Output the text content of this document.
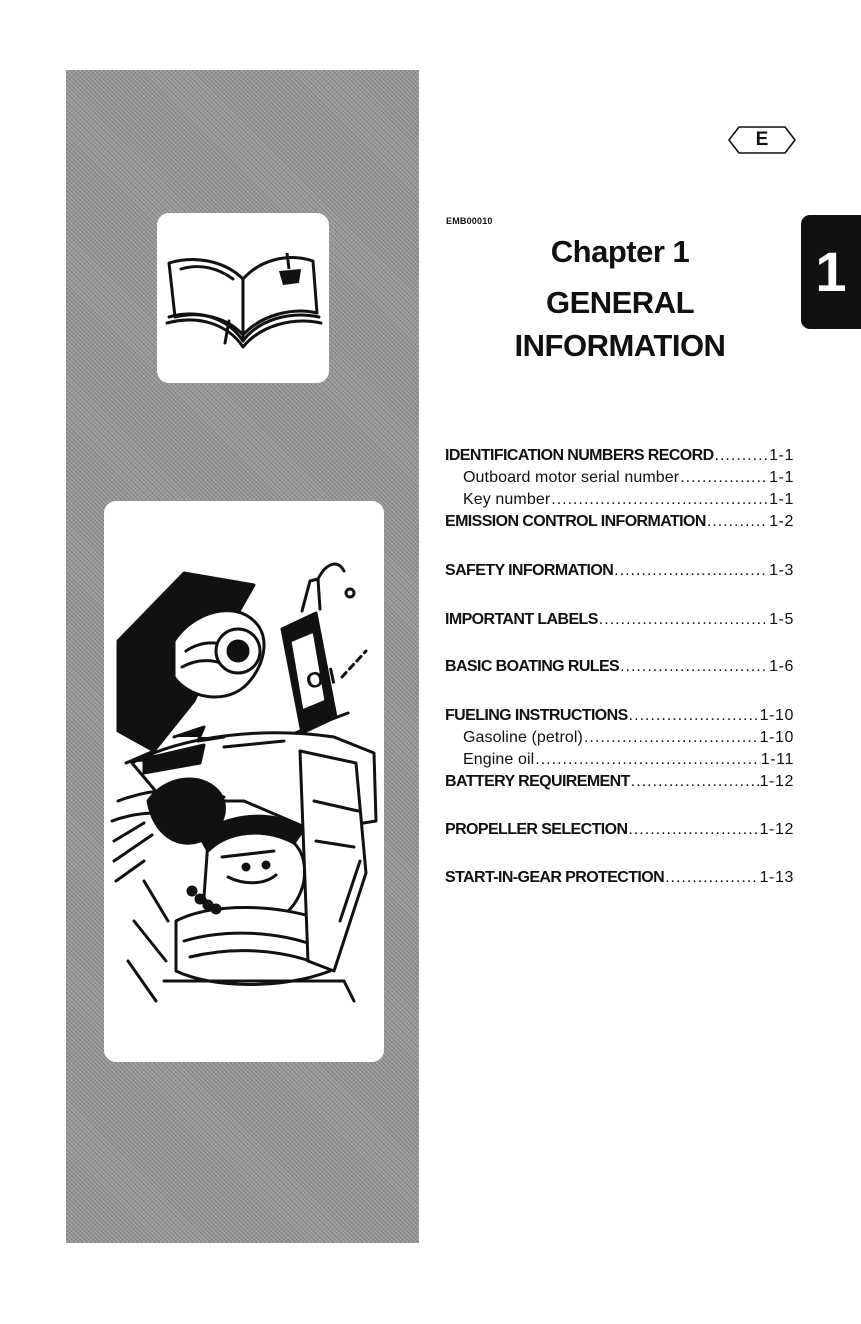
Oil
E
EMB00010
1
Chapter 1
GENERAL
INFORMATION
IDENTIFICATION NUMBERS RECORD .....	1-1
Outboard motor serial number .....	1-1
Key number .....	1-1
EMISSION CONTROL INFORMATION .....	1-2
SAFETY INFORMATION .....	1-3
IMPORTANT LABELS .....	1-5
BASIC BOATING RULES .....	1-6
FUELING INSTRUCTIONS .....	1-10
Gasoline (petrol) .....	1-10
Engine oil .....	1-11
BATTERY REQUIREMENT .....	1-12
PROPELLER SELECTION .....	1-12
START-IN-GEAR PROTECTION .....	1-13
